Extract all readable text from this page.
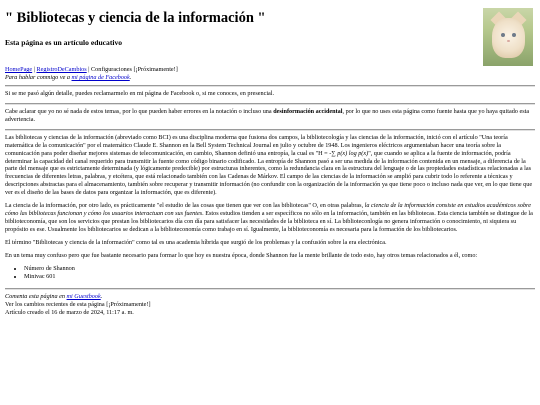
" Bibliotecas y ciencia de la información "
Esta página es un artículo educativo
HomePage | RegistroDeCambios | Configuraciones [¡Próximamente!]
Para hablar conmigo ve a mi página de Facebook.

Si se me pasó algún detalle, puedes reclamarmelo en mi página de Facebook o, si me conoces, en presencial.

Cabe aclarar que yo no sé nada de estos temas, por lo que pueden haber errores en la notación o incluso una desinformación accidental, por lo que no uses esta página como fuente hasta que yo haya quitado esta advertencia.

Las bibliotecas y ciencias de la información (abreviado como BCI) es una disciplina moderna que fusiona dos campos, la bibliotecología y las ciencias de la información, inició con el artículo "Una teoría matemática de la comunicación" por el matemático Claude E. Shannon en la Bell System Technical Journal en julio y octubre de 1948. Los ingenieros eléctricos argumentaban hacer una teoría sobre la comunicación para poder diseñar mejores sistemas de telecomunicación, en cambio, Shannon definió una entropía, la cual es "H = -∑ p(x) log p(x)", que cuando se aplica a la fuente de información, podría determinar la capacidad del canal requerido para transmitir la fuente como código binario codificado. La entropía de Shannon pasó a ser una medida de la información contenida en un mensaje, a diferencia de la parte del mensaje que es estrictamente determinada (y lógicamente predecible) por estructuras inherentes, como la redundancia clara en la estructura del lenguaje o de las propiedades estadísticas relacionadas a las frecuencias de diferentes letras, palabras, y etcétera, que está relacionado también con las Cadenas de Márkov. El campo de las ciencias de la información se amplió para cubrir todo lo referente a técnicas y descripciones abstractas para el almacenamiento, también sobre recuperar y transmitir información (no confundir con la organización de la información ya que tiene poco o incluso nada que ver, en lo que tiene que ver es el diseño de las bases de datos para organizar la información, que es diferente).

La ciencia de la información, por otro lado, es prácticamente "el estudio de las cosas que tienen que ver con las bibliotecas" O, en otras palabras, la ciencia de la información consiste en estudios académicos sobre cómo las bibliotecas funcionan y cómo los usuarios interactuan con sus fuentes. Estos estudios tienden a ser específicos no sólo en la información, también en las bibliotecas. Esta ciencia también se distingue de la biblioteconomía, que son los servicios que prestan los bibliotecarios día con día para satisfacer las necesidades de la biblioteca en sí. La biblioteconlogía no genera información o conocimiento, ni siquiera su propósito es ese. Usualmente los bibliotecarios se dedican a la biblioteconomía como trabajo en sí. Igualmente, la biblioteconomía es necesaria para la formación de los bibliotecarios.

El término "Bibliotecas y ciencia de la información" como tal es una academia híbrida que surgió de los problemas y la confusión sobre la era electrónica.

En un tema muy confuso pero que fue bastante necesario para formar lo que hoy es nuestra época, donde Shannon fue la mente brillante de todo esto, hay otros temas relacionados a él, como:

• Número de Shannon
• Minivac 601
Comenta esta página en mi Guestbook.
Ver los cambios recientes de esta página [¡Próximamente!]
Artículo creado el 16 de marzo de 2024, 11:17 a. m.
